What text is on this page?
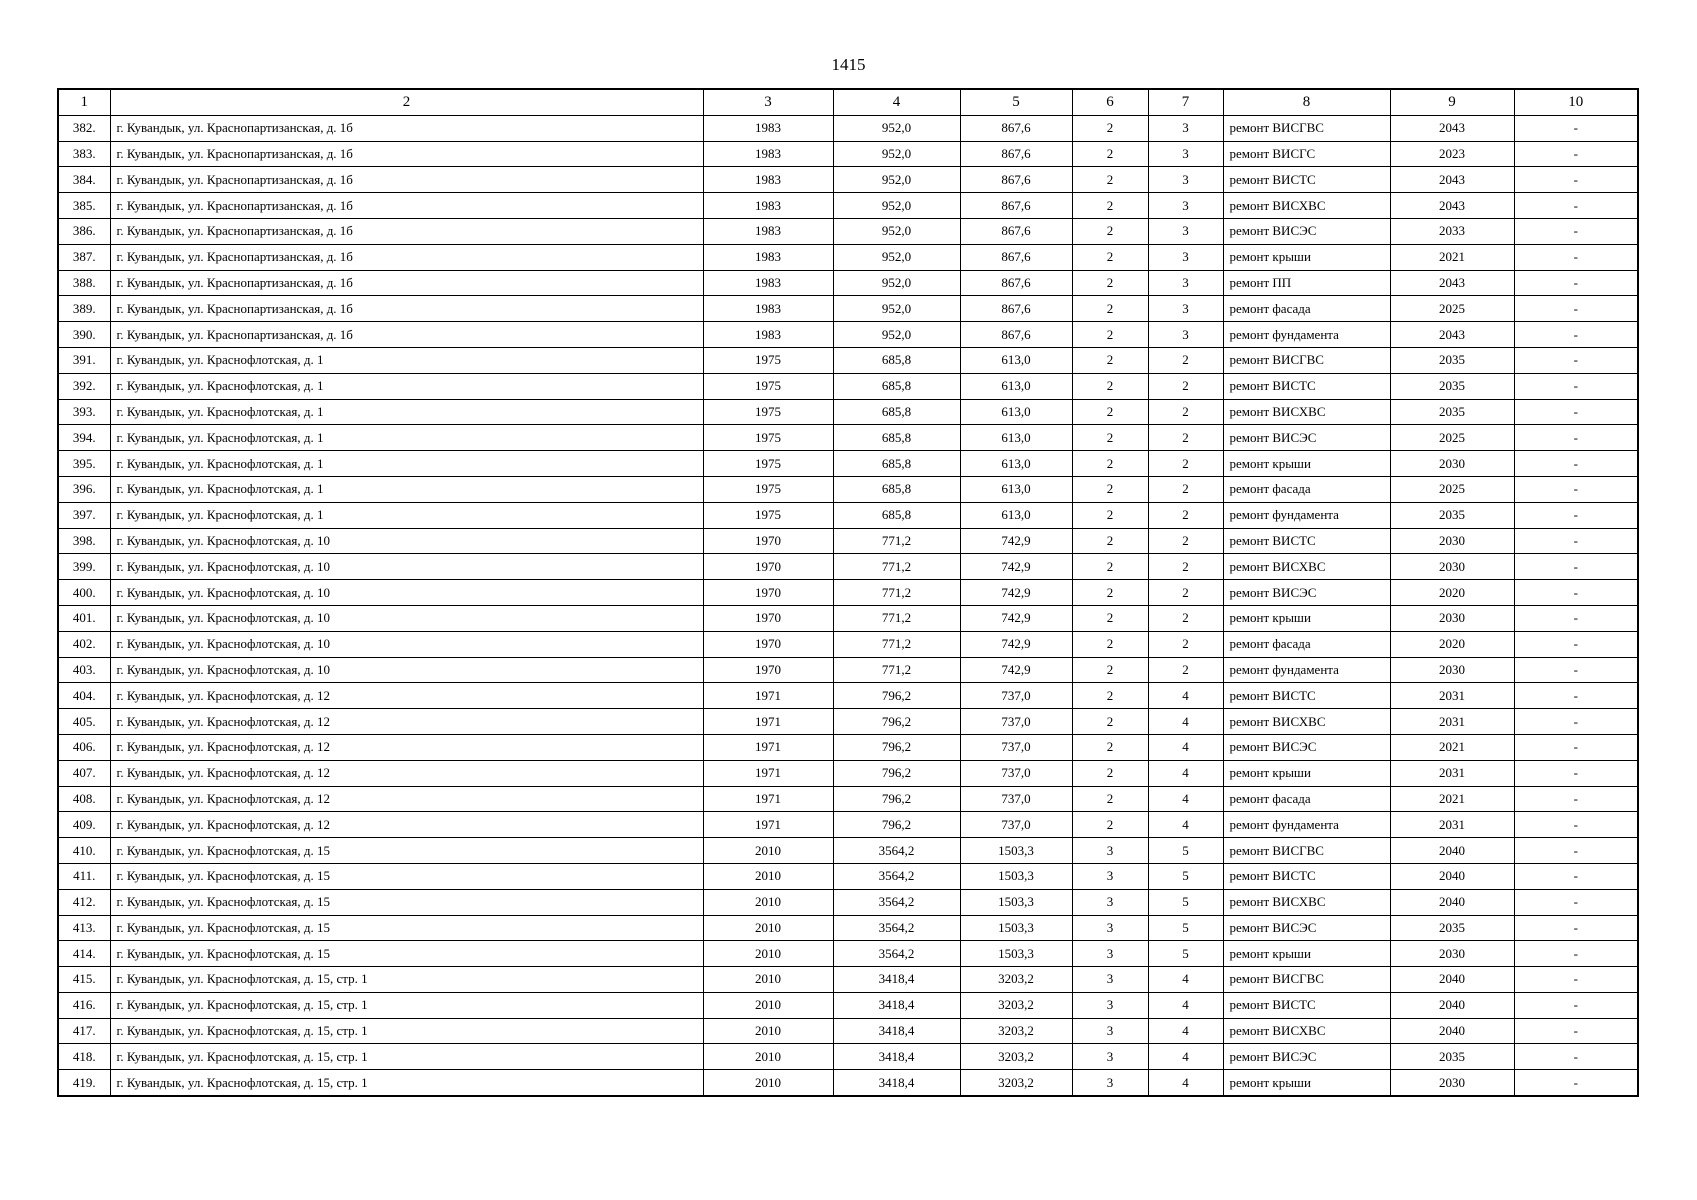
1415
1	2	3	4	5	6	7	8	9	10
382.	г. Кувандык, ул. Краснопартизанская, д. 1б	1983	952,0	867,6	2	3	ремонт ВИСГВС	2043	-
383.	г. Кувандык, ул. Краснопартизанская, д. 1б	1983	952,0	867,6	2	3	ремонт ВИСГС	2023	-
384.	г. Кувандык, ул. Краснопартизанская, д. 1б	1983	952,0	867,6	2	3	ремонт ВИСТС	2043	-
385.	г. Кувандык, ул. Краснопартизанская, д. 1б	1983	952,0	867,6	2	3	ремонт ВИСХВС	2043	-
386.	г. Кувандык, ул. Краснопартизанская, д. 1б	1983	952,0	867,6	2	3	ремонт ВИСЭС	2033	-
387.	г. Кувандык, ул. Краснопартизанская, д. 1б	1983	952,0	867,6	2	3	ремонт крыши	2021	-
388.	г. Кувандык, ул. Краснопартизанская, д. 1б	1983	952,0	867,6	2	3	ремонт ПП	2043	-
389.	г. Кувандык, ул. Краснопартизанская, д. 1б	1983	952,0	867,6	2	3	ремонт фасада	2025	-
390.	г. Кувандык, ул. Краснопартизанская, д. 1б	1983	952,0	867,6	2	3	ремонт фундамента	2043	-
391.	г. Кувандык, ул. Краснофлотская, д. 1	1975	685,8	613,0	2	2	ремонт ВИСГВС	2035	-
392.	г. Кувандык, ул. Краснофлотская, д. 1	1975	685,8	613,0	2	2	ремонт ВИСТС	2035	-
393.	г. Кувандык, ул. Краснофлотская, д. 1	1975	685,8	613,0	2	2	ремонт ВИСХВС	2035	-
394.	г. Кувандык, ул. Краснофлотская, д. 1	1975	685,8	613,0	2	2	ремонт ВИСЭС	2025	-
395.	г. Кувандык, ул. Краснофлотская, д. 1	1975	685,8	613,0	2	2	ремонт крыши	2030	-
396.	г. Кувандык, ул. Краснофлотская, д. 1	1975	685,8	613,0	2	2	ремонт фасада	2025	-
397.	г. Кувандык, ул. Краснофлотская, д. 1	1975	685,8	613,0	2	2	ремонт фундамента	2035	-
398.	г. Кувандык, ул. Краснофлотская, д. 10	1970	771,2	742,9	2	2	ремонт ВИСТС	2030	-
399.	г. Кувандык, ул. Краснофлотская, д. 10	1970	771,2	742,9	2	2	ремонт ВИСХВС	2030	-
400.	г. Кувандык, ул. Краснофлотская, д. 10	1970	771,2	742,9	2	2	ремонт ВИСЭС	2020	-
401.	г. Кувандык, ул. Краснофлотская, д. 10	1970	771,2	742,9	2	2	ремонт крыши	2030	-
402.	г. Кувандык, ул. Краснофлотская, д. 10	1970	771,2	742,9	2	2	ремонт фасада	2020	-
403.	г. Кувандык, ул. Краснофлотская, д. 10	1970	771,2	742,9	2	2	ремонт фундамента	2030	-
404.	г. Кувандык, ул. Краснофлотская, д. 12	1971	796,2	737,0	2	4	ремонт ВИСТС	2031	-
405.	г. Кувандык, ул. Краснофлотская, д. 12	1971	796,2	737,0	2	4	ремонт ВИСХВС	2031	-
406.	г. Кувандык, ул. Краснофлотская, д. 12	1971	796,2	737,0	2	4	ремонт ВИСЭС	2021	-
407.	г. Кувандык, ул. Краснофлотская, д. 12	1971	796,2	737,0	2	4	ремонт крыши	2031	-
408.	г. Кувандык, ул. Краснофлотская, д. 12	1971	796,2	737,0	2	4	ремонт фасада	2021	-
409.	г. Кувандык, ул. Краснофлотская, д. 12	1971	796,2	737,0	2	4	ремонт фундамента	2031	-
410.	г. Кувандык, ул. Краснофлотская, д. 15	2010	3564,2	1503,3	3	5	ремонт ВИСГВС	2040	-
411.	г. Кувандык, ул. Краснофлотская, д. 15	2010	3564,2	1503,3	3	5	ремонт ВИСТС	2040	-
412.	г. Кувандык, ул. Краснофлотская, д. 15	2010	3564,2	1503,3	3	5	ремонт ВИСХВС	2040	-
413.	г. Кувандык, ул. Краснофлотская, д. 15	2010	3564,2	1503,3	3	5	ремонт ВИСЭС	2035	-
414.	г. Кувандык, ул. Краснофлотская, д. 15	2010	3564,2	1503,3	3	5	ремонт крыши	2030	-
415.	г. Кувандык, ул. Краснофлотская, д. 15, стр. 1	2010	3418,4	3203,2	3	4	ремонт ВИСГВС	2040	-
416.	г. Кувандык, ул. Краснофлотская, д. 15, стр. 1	2010	3418,4	3203,2	3	4	ремонт ВИСТС	2040	-
417.	г. Кувандык, ул. Краснофлотская, д. 15, стр. 1	2010	3418,4	3203,2	3	4	ремонт ВИСХВС	2040	-
418.	г. Кувандык, ул. Краснофлотская, д. 15, стр. 1	2010	3418,4	3203,2	3	4	ремонт ВИСЭС	2035	-
419.	г. Кувандык, ул. Краснофлотская, д. 15, стр. 1	2010	3418,4	3203,2	3	4	ремонт крыши	2030	-
